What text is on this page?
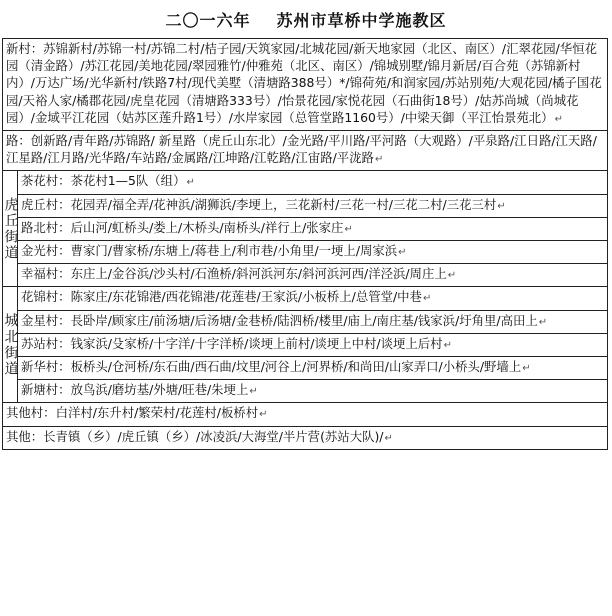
二〇一六年 苏州市草桥中学施教区
新村：苏锦新村/苏锦一村/苏锦二村/桔子园/天筑家园/北城花园/新天地家园（北区、南区）/汇翠花园/华恒花园（清金路）/苏江花园/美地花园/翠园雅竹/仲雅苑（北区、南区）/锦城别墅/锦月新居/百合苑（苏锦新村内）/万达广场/光华新村/铁路7村/现代美墅（清塘路388号）*/锦荷苑/和润家园/苏站别苑/大观花园/橘子国花园/天裕人家/橘郡花园/虎皇花园（清塘路333号）/怡景花园/家悦花园（石曲街18号）/姑苏尚城（尚城花园）/金域平江花园（姑苏区莲升路1号）/水岸家园（总管堂路1160号）/中梁天御（平江怡景苑北）↵
路：创新路/青年路/苏锦路/ 新星路（虎丘山东北）/金光路/平川路/平河路（大观路）/平泉路/江日路/江天路/江星路/江月路/光华路/车站路/金属路/江坤路/江乾路/江宙路/平泷路↵
虎丘街道
茶花村：茶花村1—5队（组）↵
虎丘村：花园弄/福全弄/花神浜/湖狮浜/李埂上，三花新村/三花一村/三花二村/三花三村↵
路北村：后山河/虹桥头/娄上/木桥头/南桥头/祥行上/张家庄↵
金光村：曹家门/曹家桥/东塘上/蒋巷上/利市巷/小角里/一埂上/周家浜↵
幸福村：东庄上/金谷浜/沙头村/石渔桥/斜河浜河东/斜河浜河西/洋泾浜/周庄上↵
城北街道
花锦村：陈家庄/东花锦港/西花锦港/花莲巷/王家浜/小板桥上/总管堂/中巷↵
金星村：長卧岸/顾家庄/前汤塘/后汤塘/金巷桥/陆泗桥/楼里/庙上/南庄基/钱家浜/圩角里/高田上↵
苏站村：钱家浜/殳家桥/十字洋/十字洋桥/谈埂上前村/谈埂上中村/谈埂上后村↵
新华村：板桥头/仓河桥/东石曲/西石曲/坟里/河谷上/河界桥/和尚田/山家弄口/小桥头/野墙上↵
新塘村：放鸟浜/磨坊基/外塘/旺巷/朱埂上↵
其他村：白洋村/东升村/繁荣村/花莲村/板桥村↵
其他：长青镇（乡）/虎丘镇（乡）/冰凌浜/大海堂/半片营(苏站大队)/↵
